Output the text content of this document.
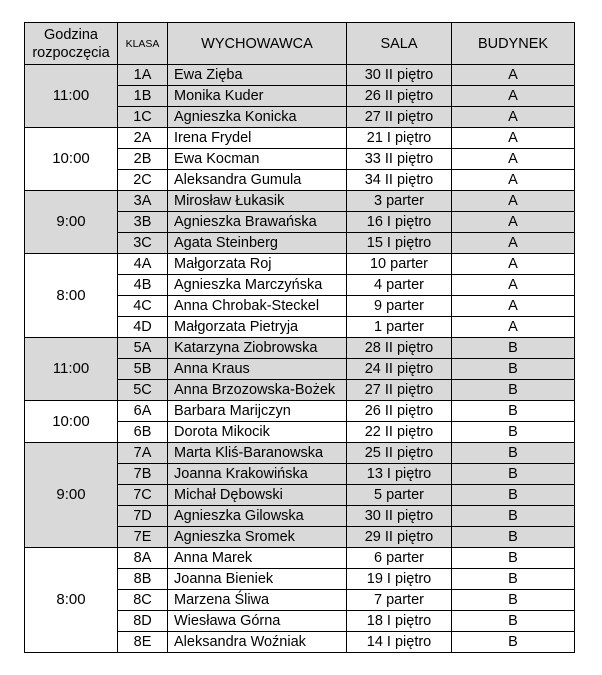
Godzina
rozpoczęcia	KLASA	WYCHOWAWCA	SALA	BUDYNEK
11:00	1A	Ewa Zięba	30 II piętro	A
	1B	Monika Kuder	26 II piętro	A
	1C	Agnieszka Konicka	27 II piętro	A
10:00	2A	Irena Frydel	21 I piętro	A
	2B	Ewa Kocman	33 II piętro	A
	2C	Aleksandra Gumula	34 II piętro	A
9:00	3A	Mirosław Łukasik	3 parter	A
	3B	Agnieszka Brawańska	16 I piętro	A
	3C	Agata Steinberg	15 I piętro	A
8:00	4A	Małgorzata Roj	10 parter	A
	4B	Agnieszka Marczyńska	4 parter	A
	4C	Anna Chrobak-Steckel	9 parter	A
	4D	Małgorzata Pietryja	1 parter	A
11:00	5A	Katarzyna Ziobrowska	28 II piętro	B
	5B	Anna Kraus	24 II piętro	B
	5C	Anna Brzozowska-Bożek	27 II piętro	B
10:00	6A	Barbara Marijczyn	26 II piętro	B
	6B	Dorota Mikocik	22 II piętro	B
9:00	7A	Marta Kliś-Baranowska	25 II piętro	B
	7B	Joanna Krakowińska	13 I piętro	B
	7C	Michał Dębowski	5 parter	B
	7D	Agnieszka Gilowska	30 II piętro	B
	7E	Agnieszka Sromek	29 II piętro	B
8:00	8A	Anna Marek	6 parter	B
	8B	Joanna Bieniek	19 I piętro	B
	8C	Marzena Śliwa	7 parter	B
	8D	Wiesława Górna	18 I piętro	B
	8E	Aleksandra Woźniak	14 I piętro	B
